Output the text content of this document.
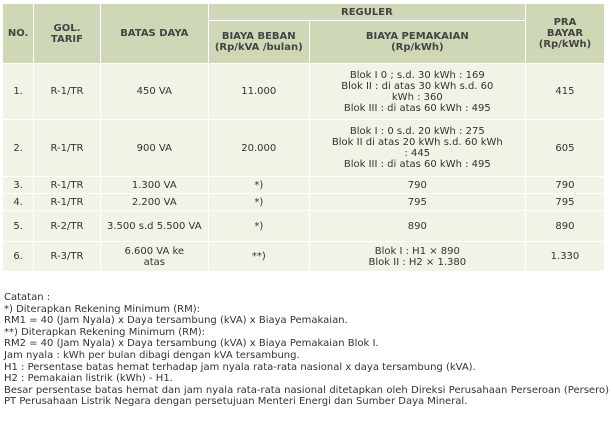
NO.	GOL. TARIF	BATAS DAYA	REGULER		PRA BAYAR (Rp/kWh)
			BIAYA BEBAN (Rp/kVA /bulan)	BIAYA PEMAKAIAN (Rp/kWh)	
1.	R-1/TR	450 VA	11.000	Blok I 0 ; s.d. 30 kWh : 169
Blok II : di atas 30 kWh s.d. 60
kWh : 360
Blok III : di atas 60 kWh : 495	415
2.	R-1/TR	900 VA	20.000	Blok I : 0 s.d. 20 kWh : 275
Blok II di atas 20 kWh s.d. 60 kWh
: 445
Blok III : di atas 60 kWh : 495	605
3.	R-1/TR	1.300 VA	*)	790	790
4.	R-1/TR	2.200 VA	*)	795	795
5.	R-2/TR	3.500 s.d 5.500 VA	*)	890	890
6.	R-3/TR	6.600 VA ke atas	**)	Blok I : H1 × 890
Blok II : H2 × 1.380	1.330
Catatan :
*) Diterapkan Rekening Minimum (RM):
RM1 = 40 (Jam Nyala) x Daya tersambung (kVA) x Biaya Pemakaian.
**) Diterapkan Rekening Minimum (RM):
RM2 = 40 (Jam Nyala) x Daya tersambung (kVA) x Biaya Pemakaian Blok I.
Jam nyala : kWh per bulan dibagi dengan kVA tersambung.
H1 : Persentase batas hemat terhadap jam nyala rata-rata nasional x daya tersambung (kVA).
H2 : Pemakaian listrik (kWh) - H1.
Besar persentase batas hemat dan jam nyala rata-rata nasional ditetapkan oleh Direksi Perusahaan Perseroan (Persero) PT Perusahaan Listrik Negara dengan persetujuan Menteri Energi dan Sumber Daya Mineral.
